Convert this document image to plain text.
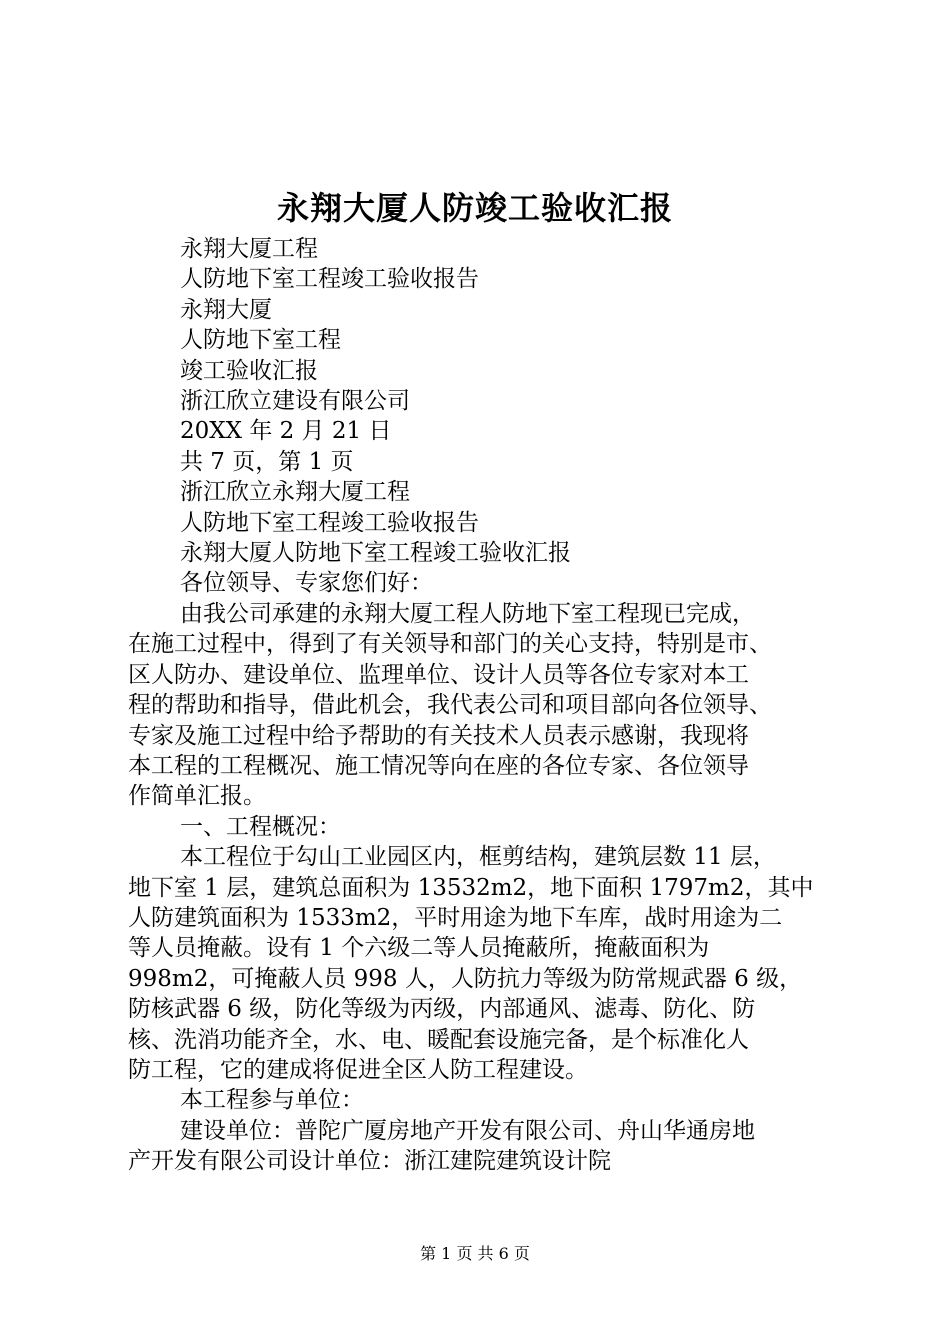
永翔大厦人防竣工验收汇报
永翔大厦工程
人防地下室工程竣工验收报告
永翔大厦
人防地下室工程
竣工验收汇报
浙江欣立建设有限公司
20XX 年 2 月 21 日
共 7 页，第 1 页
浙江欣立永翔大厦工程
人防地下室工程竣工验收报告
永翔大厦人防地下室工程竣工验收汇报
各位领导、专家您们好：
由我公司承建的永翔大厦工程人防地下室工程现已完成，
在施工过程中，得到了有关领导和部门的关心支持，特别是市、
区人防办、建设单位、监理单位、设计人员等各位专家对本工
程的帮助和指导，借此机会，我代表公司和项目部向各位领导、
专家及施工过程中给予帮助的有关技术人员表示感谢，我现将
本工程的工程概况、施工情况等向在座的各位专家、各位领导
作简单汇报。
一、工程概况：
本工程位于勾山工业园区内，框剪结构，建筑层数 11 层，
地下室 1 层，建筑总面积为 13532m2，地下面积 1797m2，其中
人防建筑面积为 1533m2，平时用途为地下车库，战时用途为二
等人员掩蔽。设有 1 个六级二等人员掩蔽所，掩蔽面积为
998m2，可掩蔽人员 998 人，人防抗力等级为防常规武器 6 级，
防核武器 6 级，防化等级为丙级，内部通风、滤毒、防化、防
核、洗消功能齐全，水、电、暖配套设施完备，是个标准化人
防工程，它的建成将促进全区人防工程建设。
本工程参与单位：
建设单位：普陀广厦房地产开发有限公司、舟山华通房地
产开发有限公司设计单位：浙江建院建筑设计院
第 1 页 共 6 页
